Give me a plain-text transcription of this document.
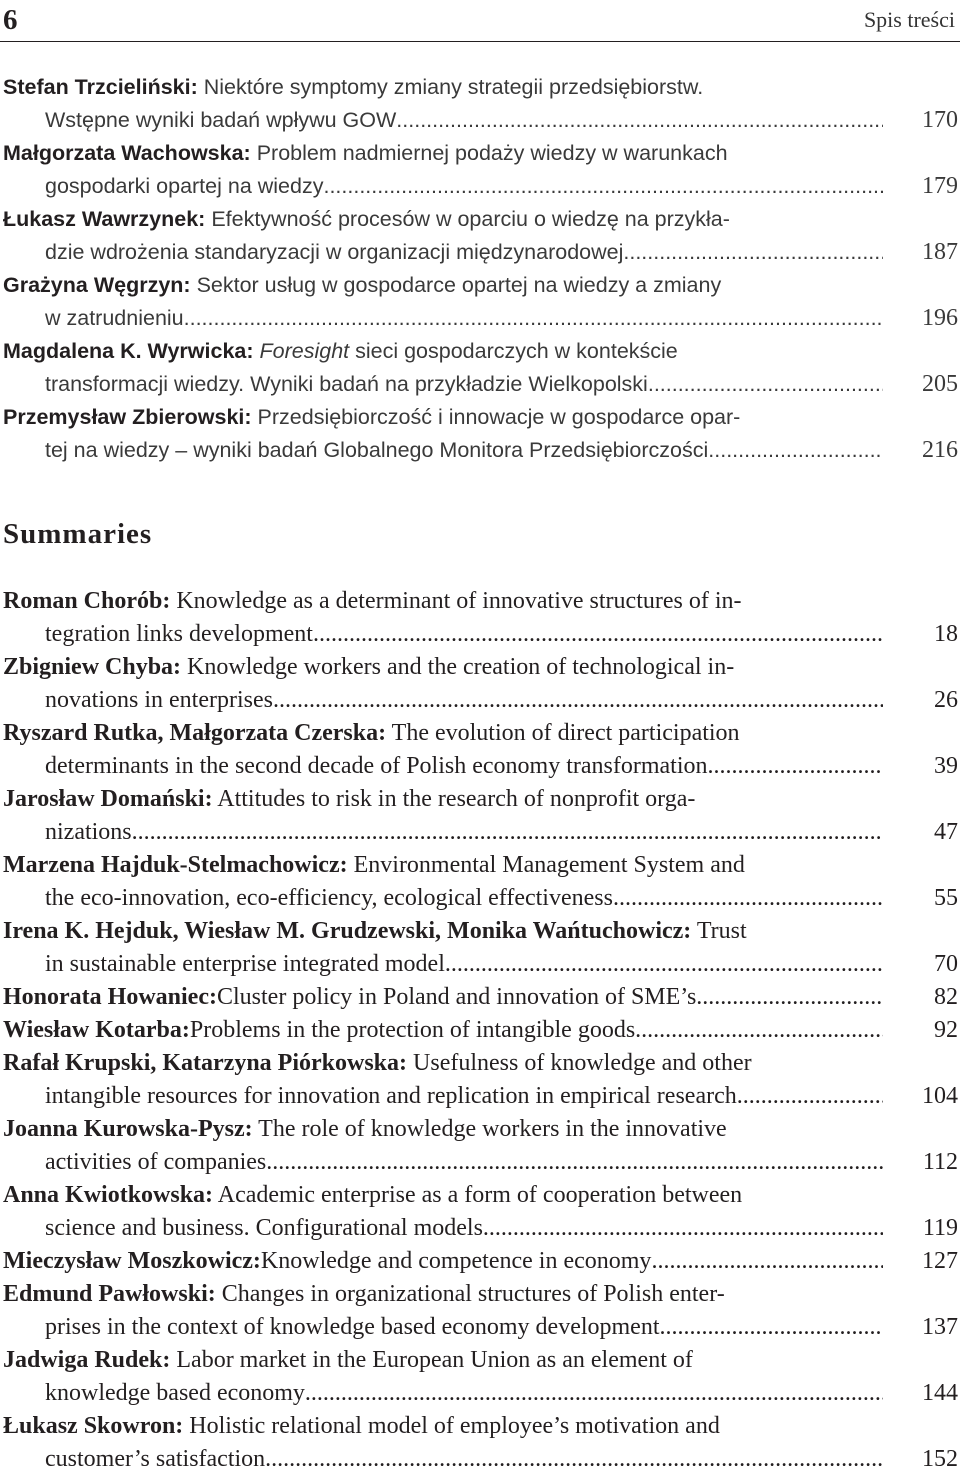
6	Spis treści
Stefan Trzcieliński: Niektóre symptomy zmiany strategii przedsiębiorstw.
Wstępne wyniki badań wpływu GOW .....	170
Małgorzata Wachowska: Problem nadmiernej podaży wiedzy w warunkach
gospodarki opartej na wiedzy .....	179
Łukasz Wawrzynek: Efektywność procesów w oparciu o wiedzę na przykła-
dzie wdrożenia standaryzacji w organizacji międzynarodowej .....	187
Grażyna Węgrzyn: Sektor usług w gospodarce opartej na wiedzy a zmiany
w zatrudnieniu .....	196
Magdalena K. Wyrwicka: Foresight sieci gospodarczych w kontekście
transformacji wiedzy. Wyniki badań na przykładzie Wielkopolski .....	205
Przemysław Zbierowski: Przedsiębiorczość i innowacje w gospodarce opar-
tej na wiedzy – wyniki badań Globalnego Monitora Przedsiębiorczości .....	216
Summaries
Roman Chorób: Knowledge as a determinant of innovative structures of in-
tegration links development .....	18
Zbigniew Chyba: Knowledge workers and the creation of technological in-
novations in enterprises .....	26
Ryszard Rutka, Małgorzata Czerska: The evolution of direct participation
determinants in the second decade of Polish economy transformation .....	39
Jarosław Domański: Attitudes to risk in the research of nonprofit orga-
nizations .....	47
Marzena Hajduk-Stelmachowicz: Environmental Management System and
the eco-innovation, eco-efficiency, ecological effectiveness .....	55
Irena K. Hejduk, Wiesław M. Grudzewski, Monika Wańtuchowicz: Trust
in sustainable enterprise integrated model .....	70
Honorata Howaniec: Cluster policy in Poland and innovation of SME’s .....	82
Wiesław Kotarba: Problems in the protection of intangible goods .....	92
Rafał Krupski, Katarzyna Piórkowska: Usefulness of knowledge and other
intangible resources for innovation and replication in empirical research .....	104
Joanna Kurowska-Pysz: The role of knowledge workers in the innovative
activities of companies .....	112
Anna Kwiotkowska: Academic enterprise as a form of cooperation between
science and business. Configurational models .....	119
Mieczysław Moszkowicz: Knowledge and competence in economy .....	127
Edmund Pawłowski: Changes in organizational structures of Polish enter-
prises in the context of knowledge based economy development .....	137
Jadwiga Rudek: Labor market in the European Union as an element of
knowledge based economy .....	144
Łukasz Skowron: Holistic relational model of employee’s motivation and
customer’s satisfaction .....	152
